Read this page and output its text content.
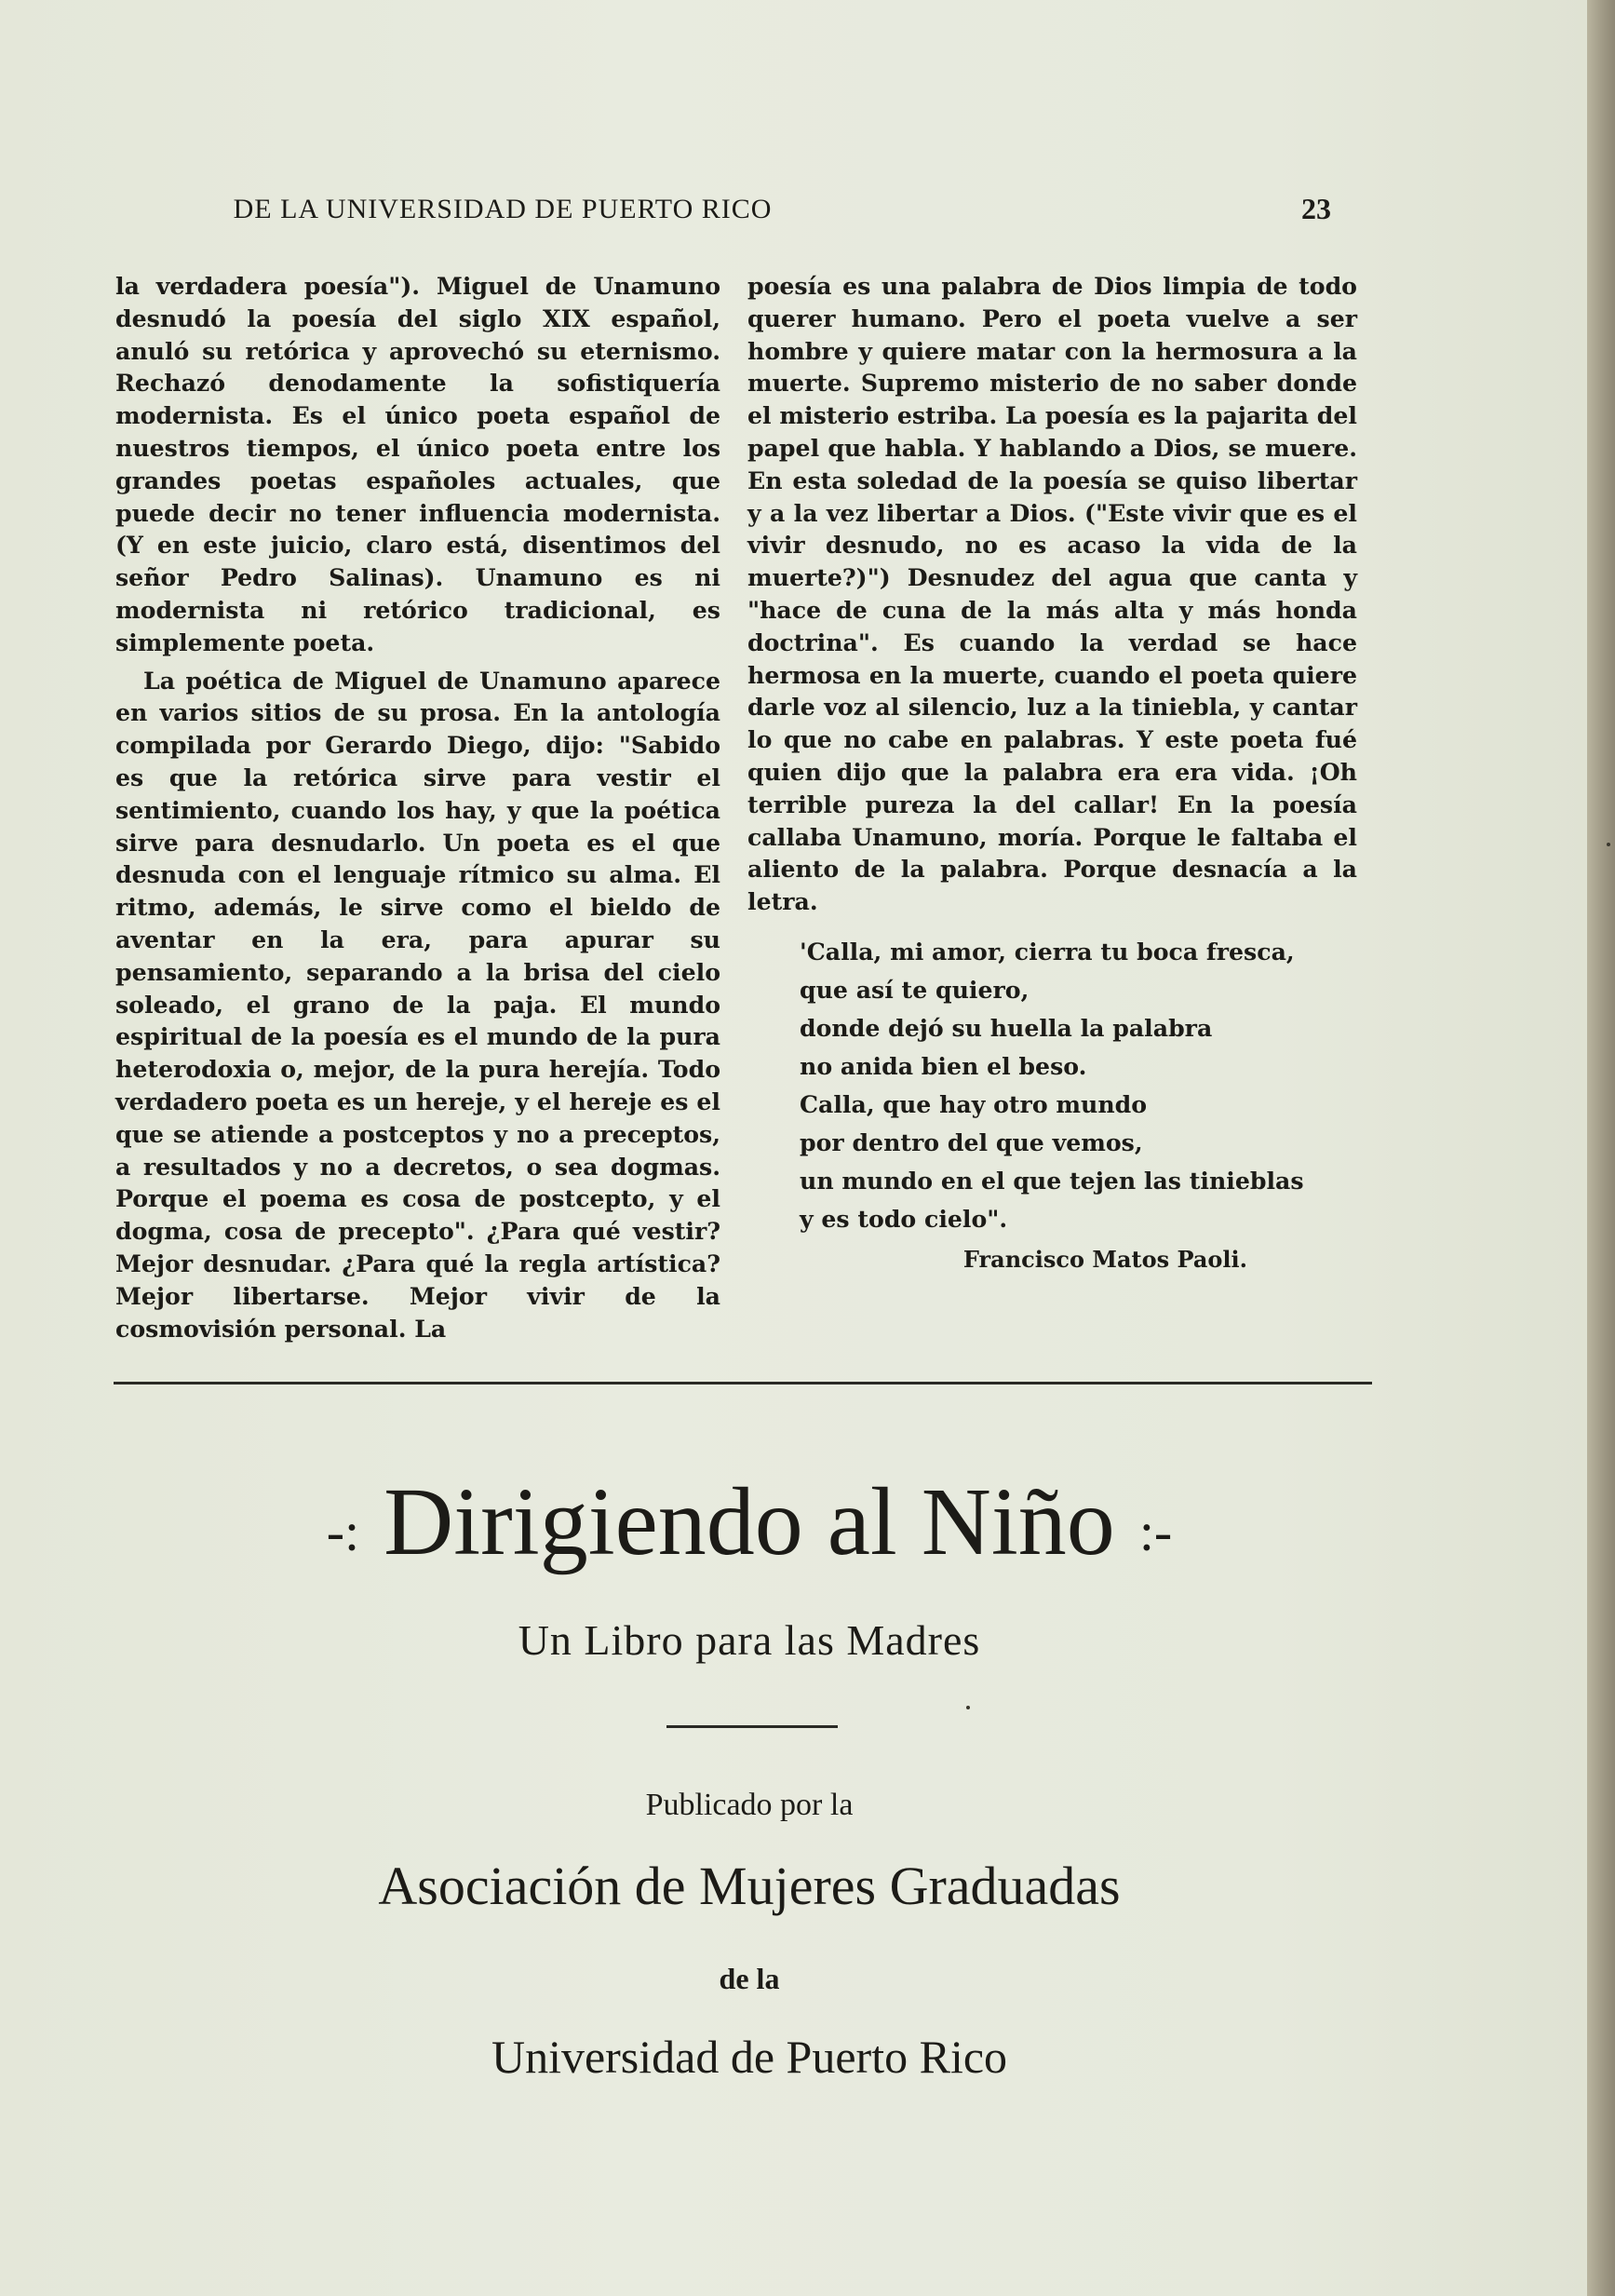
DE LA UNIVERSIDAD DE PUERTO RICO	23

la verdadera poesía"). Miguel de Unamuno desnudó la poesía del siglo XIX español, anuló su retórica y aprovechó su eternismo. Rechazó denodamente la sofistiquería modernista. Es el único poeta español de nuestros tiempos, el único poeta entre los grandes poetas españoles actuales, que puede decir no tener influencia modernista. (Y en este juicio, claro está, disentimos del señor Pedro Salinas). Unamuno es ni modernista ni retórico tradicional, es simplemente poeta.

La poética de Miguel de Unamuno aparece en varios sitios de su prosa. En la antología compilada por Gerardo Diego, dijo: "Sabido es que la retórica sirve para vestir el sentimiento, cuando los hay, y que la poética sirve para desnudarlo. Un poeta es el que desnuda con el lenguaje rítmico su alma. El ritmo, además, le sirve como el bieldo de aventar en la era, para apurar su pensamiento, separando a la brisa del cielo soleado, el grano de la paja. El mundo espiritual de la poesía es el mundo de la pura heterodoxia o, mejor, de la pura herejía. Todo verdadero poeta es un hereje, y el hereje es el que se atiende a postceptos y no a preceptos, a resultados y no a decretos, o sea dogmas. Porque el poema es cosa de postcepto, y el dogma, cosa de precepto". ¿Para qué vestir? Mejor desnudar. ¿Para qué la regla artística? Mejor libertarse. Mejor vivir de la cosmovisión personal. La

poesía es una palabra de Dios limpia de todo querer humano. Pero el poeta vuelve a ser hombre y quiere matar con la hermosura a la muerte. Supremo misterio de no saber donde el misterio estriba. La poesía es la pajarita del papel que habla. Y hablando a Dios, se muere. En esta soledad de la poesía se quiso libertar y a la vez libertar a Dios. ("Este vivir que es el vivir desnudo, no es acaso la vida de la muerte?)") Desnudez del agua que canta y "hace de cuna de la más alta y más honda doctrina". Es cuando la verdad se hace hermosa en la muerte, cuando el poeta quiere darle voz al silencio, luz a la tiniebla, y cantar lo que no cabe en palabras. Y este poeta fué quien dijo que la palabra era era vida. ¡Oh terrible pureza la del callar! En la poesía callaba Unamuno, moría. Porque le faltaba el aliento de la palabra. Porque desnacía a la letra.

'Calla, mi amor, cierra tu boca fresca,
que así te quiero,
donde dejó su huella la palabra
no anida bien el beso.
Calla, que hay otro mundo
por dentro del que vemos,
un mundo en el que tejen las tinieblas
y es todo cielo".
Francisco Matos Paoli.
-: Dirigiendo al Niño :-
Un Libro para las Madres
Publicado por la
Asociación de Mujeres Graduadas
de la
Universidad de Puerto Rico
